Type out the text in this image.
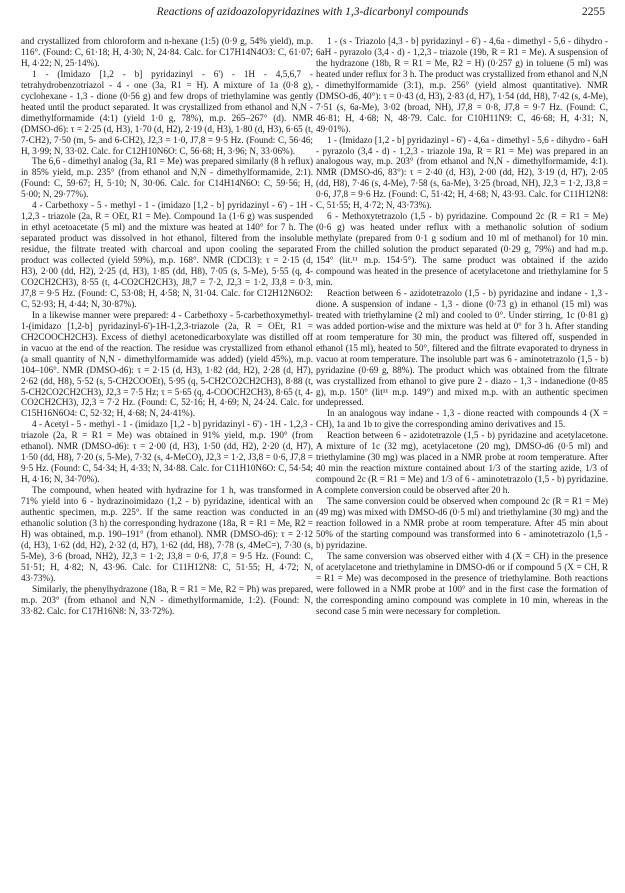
Reactions of azidoazolopyridazines with 1,3-dicarbonyl compounds	2255

and crystallized from chloroform and n-hexane (1:5) (0·9 g, 54% yield), m.p. 116°. (Found: C, 61·18; H, 4·30; N, 24·84. Calc. for C17H14N4O3: C, 61·07; H, 4·22; N, 25·14%).

1 - (Imidazo [1,2 - b] pyridazinyl - 6') - 1H - 4,5,6,7 - tetrahydrobenzotriazol - 4 - one (3a, R1 = H). A mixture of 1a (0·8 g), cyclohexane - 1,3 - dione (0·56 g) and few drops of triethylamine was gently heated until the product separated. It was crystallized from ethanol and N,N - dimethylformamide (4:1) (yield 1·0 g, 78%), m.p. 265–267° (d). NMR (DMSO-d6): τ = 2·25 (d, H3), 1·70 (d, H2), 2·19 (d, H3), 1·80 (d, H3), 6·65 (t, 7-CH2), 7·50 (m, 5- and 6-CH2), J2,3 = 1·0, J7,8 = 9·5 Hz. (Found: C, 56·46; H, 3·99; N, 33·02. Calc. for C12H10N6O: C, 56·68; H, 3·96; N, 33·06%).

The 6,6 - dimethyl analog (3a, R1 = Me) was prepared similarly (8 h reflux) in 85% yield, m.p. 235° (from ethanol and N,N - dimethylformamide, 2:1). (Found: C, 59·67; H, 5·10; N, 30·06. Calc. for C14H14N6O: C, 59·56; H, 5·00; N, 29·77%).

4 - Carbethoxy - 5 - methyl - 1 - (imidazo [1,2 - b] pyridazinyl - 6') - 1H - 1,2,3 - triazole (2a, R = OEt, R1 = Me). Compound 1a (1·6 g) was suspended in ethyl acetoacetate (5 ml) and the mixture was heated at 140° for 7 h. The separated product was dissolved in hot ethanol, filtered from the insoluble residue, the filtrate treated with charcoal and upon cooling the separated product was collected (yield 59%), m.p. 168°. NMR (CDCl3): τ = 2·15 (d, H3), 2·00 (dd, H2), 2·25 (d, H3), 1·85 (dd, H8), 7·05 (s, 5-Me), 5·55 (q, 4-CO2CH2CH3), 8·55 (t, 4-CO2CH2CH3), J8,7 = 7·2, J2,3 = 1·2, J3,8 = 0·3, J7,8 = 9·5 Hz. (Found: C, 53·08; H, 4·58; N, 31·04. Calc. for C12H12N6O2: C, 52·93; H, 4·44; N, 30·87%).

In a likewise manner were prepared: 4 - Carbethoxy - 5-carbethoxymethyl-1-(imidazo [1,2-b] pyridazinyl-6')-1H-1,2,3-triazole (2a, R = OEt, R1 = CH2COOCH2CH3). Excess of diethyl acetonedicarboxylate was distilled off in vacuo at the end of the reaction. The residue was crystallized from ethanol (a small quantity of N,N - dimethylformamide was added) (yield 45%), m.p. 104–106°. NMR (DMSO-d6): τ = 2·15 (d, H3), 1·82 (dd, H2), 2·28 (d, H7), 2·62 (dd, H8), 5·52 (s, 5-CH2COOEt), 5·95 (q, 5-CH2CO2CH2CH3), 8·88 (t, 5-CH2CO2CH2CH3), J2,3 = 7·5 Hz; τ = 5·65 (q, 4-COOCH2CH3), 8·65 (t, 4-CO2CH2CH3), J2,3 = 7·2 Hz. (Found: C, 52·16; H, 4·69; N, 24·24. Calc. for C15H16N6O4: C, 52·32; H, 4·68; N, 24·41%).

4 - Acetyl - 5 - methyl - 1 - (imidazo [1,2 - b] pyridazinyl - 6') - 1H - 1,2,3 - triazole (2a, R = R1 = Me) was obtained in 91% yield, m.p. 190° (from ethanol). NMR (DMSO-d6): τ = 2·00 (d, H3), 1·50 (dd, H2), 2·20 (d, H7), 1·50 (dd, H8), 7·20 (s, 5-Me), 7·32 (s, 4-MeCO), J2,3 = 1·2, J3,8 = 0·6, J7,8 = 9·5 Hz. (Found: C, 54·34; H, 4·33; N, 34·88. Calc. for C11H10N6O: C, 54·54; H, 4·16; N, 34·70%).

The compound, when heated with hydrazine for 1 h, was transformed in 71% yield into 6 - hydrazinoimidazo (1,2 - b) pyridazine, identical with an authentic specimen, m.p. 225°. If the same reaction was conducted in an ethanolic solution (3 h) the corresponding hydrazone (18a, R = R1 = Me, R2 = H) was obtained, m.p. 190–191° (from ethanol). NMR (DMSO-d6): τ = 2·12 (d, H3), 1·62 (dd, H2), 2·32 (d, H7), 1·62 (dd, H8), 7·78 (s, 4MeC=), 7·30 (s, 5-Me), 3·6 (broad, NH2), J2,3 = 1·2; J3,8 = 0·6, J7,8 = 9·5 Hz. (Found: C, 51·51; H, 4·82; N, 43·96. Calc. for C11H12N8: C, 51·55; H, 4·72; N, 43·73%).

Similarly, the phenylhydrazone (18a, R = R1 = Me, R2 = Ph) was prepared, m.p. 203° (from ethanol and N,N - dimethylformamide, 1:2). (Found: N, 33·82. Calc. for C17H16N8: N, 33·72%).

1 - (s - Triazolo [4,3 - b] pyridazinyl - 6') - 4,6a - dimethyl - 5,6 - dihydro - 6aH - pyrazolo (3,4 - d) - 1,2,3 - triazole (19b, R = R1 = Me). A suspension of the hydrazone (18b, R = R1 = Me, R2 = H) (0·257 g) in toluene (5 ml) was heated under reflux for 3 h. The product was crystallized from ethanol and N,N - dimethylformamide (3:1), m.p. 256° (yield almost quantitative). NMR (DMSO-d6, 40°): τ = 0·43 (d, H3), 2·83 (d, H7), 1·54 (dd, H8), 7·42 (s, 4-Me), 7·51 (s, 6a-Me), 3·02 (broad, NH), J7,8 = 0·8, J7,8 = 9·7 Hz. (Found: C, 46·81; H, 4·68; N, 48·79. Calc. for C10H11N9: C, 46·68; H, 4·31; N, 49·01%).

1 - (Imidazo [1,2 - b] pyridazinyl - 6') - 4,6a - dimethyl - 5,6 - dihydro - 6aH - pyrazolo (3,4 - d) - 1,2,3 - triazole 19a, R = R1 = Me) was prepared in an analogous way, m.p. 203° (from ethanol and N,N - dimethylformamide, 4:1). NMR (DMSO-d6, 83°): τ = 2·40 (d, H3), 2·00 (dd, H2), 3·19 (d, H7), 2·05 (dd, H8), 7·46 (s, 4-Me), 7·58 (s, 6a-Me), 3·25 (broad, NH), J2,3 = 1·2, J3,8 = 0·6, J7,8 = 9·6 Hz. (Found: C, 51·42; H, 4·68; N, 43·93. Calc. for C11H12N8: C, 51·55; H, 4·72; N, 43·73%).

6 - Methoxytetrazolo (1,5 - b) pyridazine. Compound 2c (R = R1 = Me) (0·6 g) was heated under reflux with a methanolic solution of sodium methylate (prepared from 0·1 g sodium and 10 ml of methanol) for 10 min. From the chilled solution the product separated (0·29 g, 79%) and had m.p. 154° (lit.¹¹ m.p. 154·5°). The same product was obtained if the azido compound was heated in the presence of acetylacetone and triethylamine for 5 min.

Reaction between 6 - azidotetrazolo (1,5 - b) pyridazine and indane - 1,3 - dione. A suspension of indane - 1,3 - dione (0·73 g) in ethanol (15 ml) was treated with triethylamine (2 ml) and cooled to 0°. Under stirring, 1c (0·81 g) was added portion-wise and the mixture was held at 0° for 3 h. After standing at room temperature for 30 min, the product was filtered off, suspended in ethanol (15 ml), heated to 50°, filtered and the filtrate evaporated to dryness in vacuo at room temperature. The insoluble part was 6 - aminotetrazolo (1,5 - b) pyridazine (0·69 g, 88%). The product which was obtained from the filtrate was crystallized from ethanol to give pure 2 - diazo - 1,3 - indanedione (0·85 g), m.p. 150° (lit¹¹ m.p. 149°) and mixed m.p. with an authentic specimen undepressed.

In an analogous way indane - 1,3 - dione reacted with compounds 4 (X = CH), 1a and 1b to give the corresponding amino derivatives and 15.

Reaction between 6 - azidotetrazole (1,5 - b) pyridazine and acetylacetone. A mixture of 1c (32 mg), acetylacetone (20 mg), DMSO-d6 (0·5 ml) and triethylamine (30 mg) was placed in a NMR probe at room temperature. After 40 min the reaction mixture contained about 1/3 of the starting azide, 1/3 of compound 2c (R = R1 = Me) and 1/3 of 6 - aminotetrazolo (1,5 - b) pyridazine. A complete conversion could be observed after 20 h.

The same conversion could be observed when compound 2c (R = R1 = Me) (49 mg) was mixed with DMSO-d6 (0·5 ml) and triethylamine (30 mg) and the reaction followed in a NMR probe at room temperature. After 45 min about 50% of the starting compound was transformed into 6 - aminotetrazolo (1,5 - b) pyridazine.

The same conversion was observed either with 4 (X = CH) in the presence of acetylacetone and triethylamine in DMSO-d6 or if compound 5 (X = CH, R = R1 = Me) was decomposed in the presence of triethylamine. Both reactions were followed in a NMR probe at 100° and in the first case the formation of the corresponding amino compound was complete in 10 min, whereas in the second case 5 min were necessary for completion.
